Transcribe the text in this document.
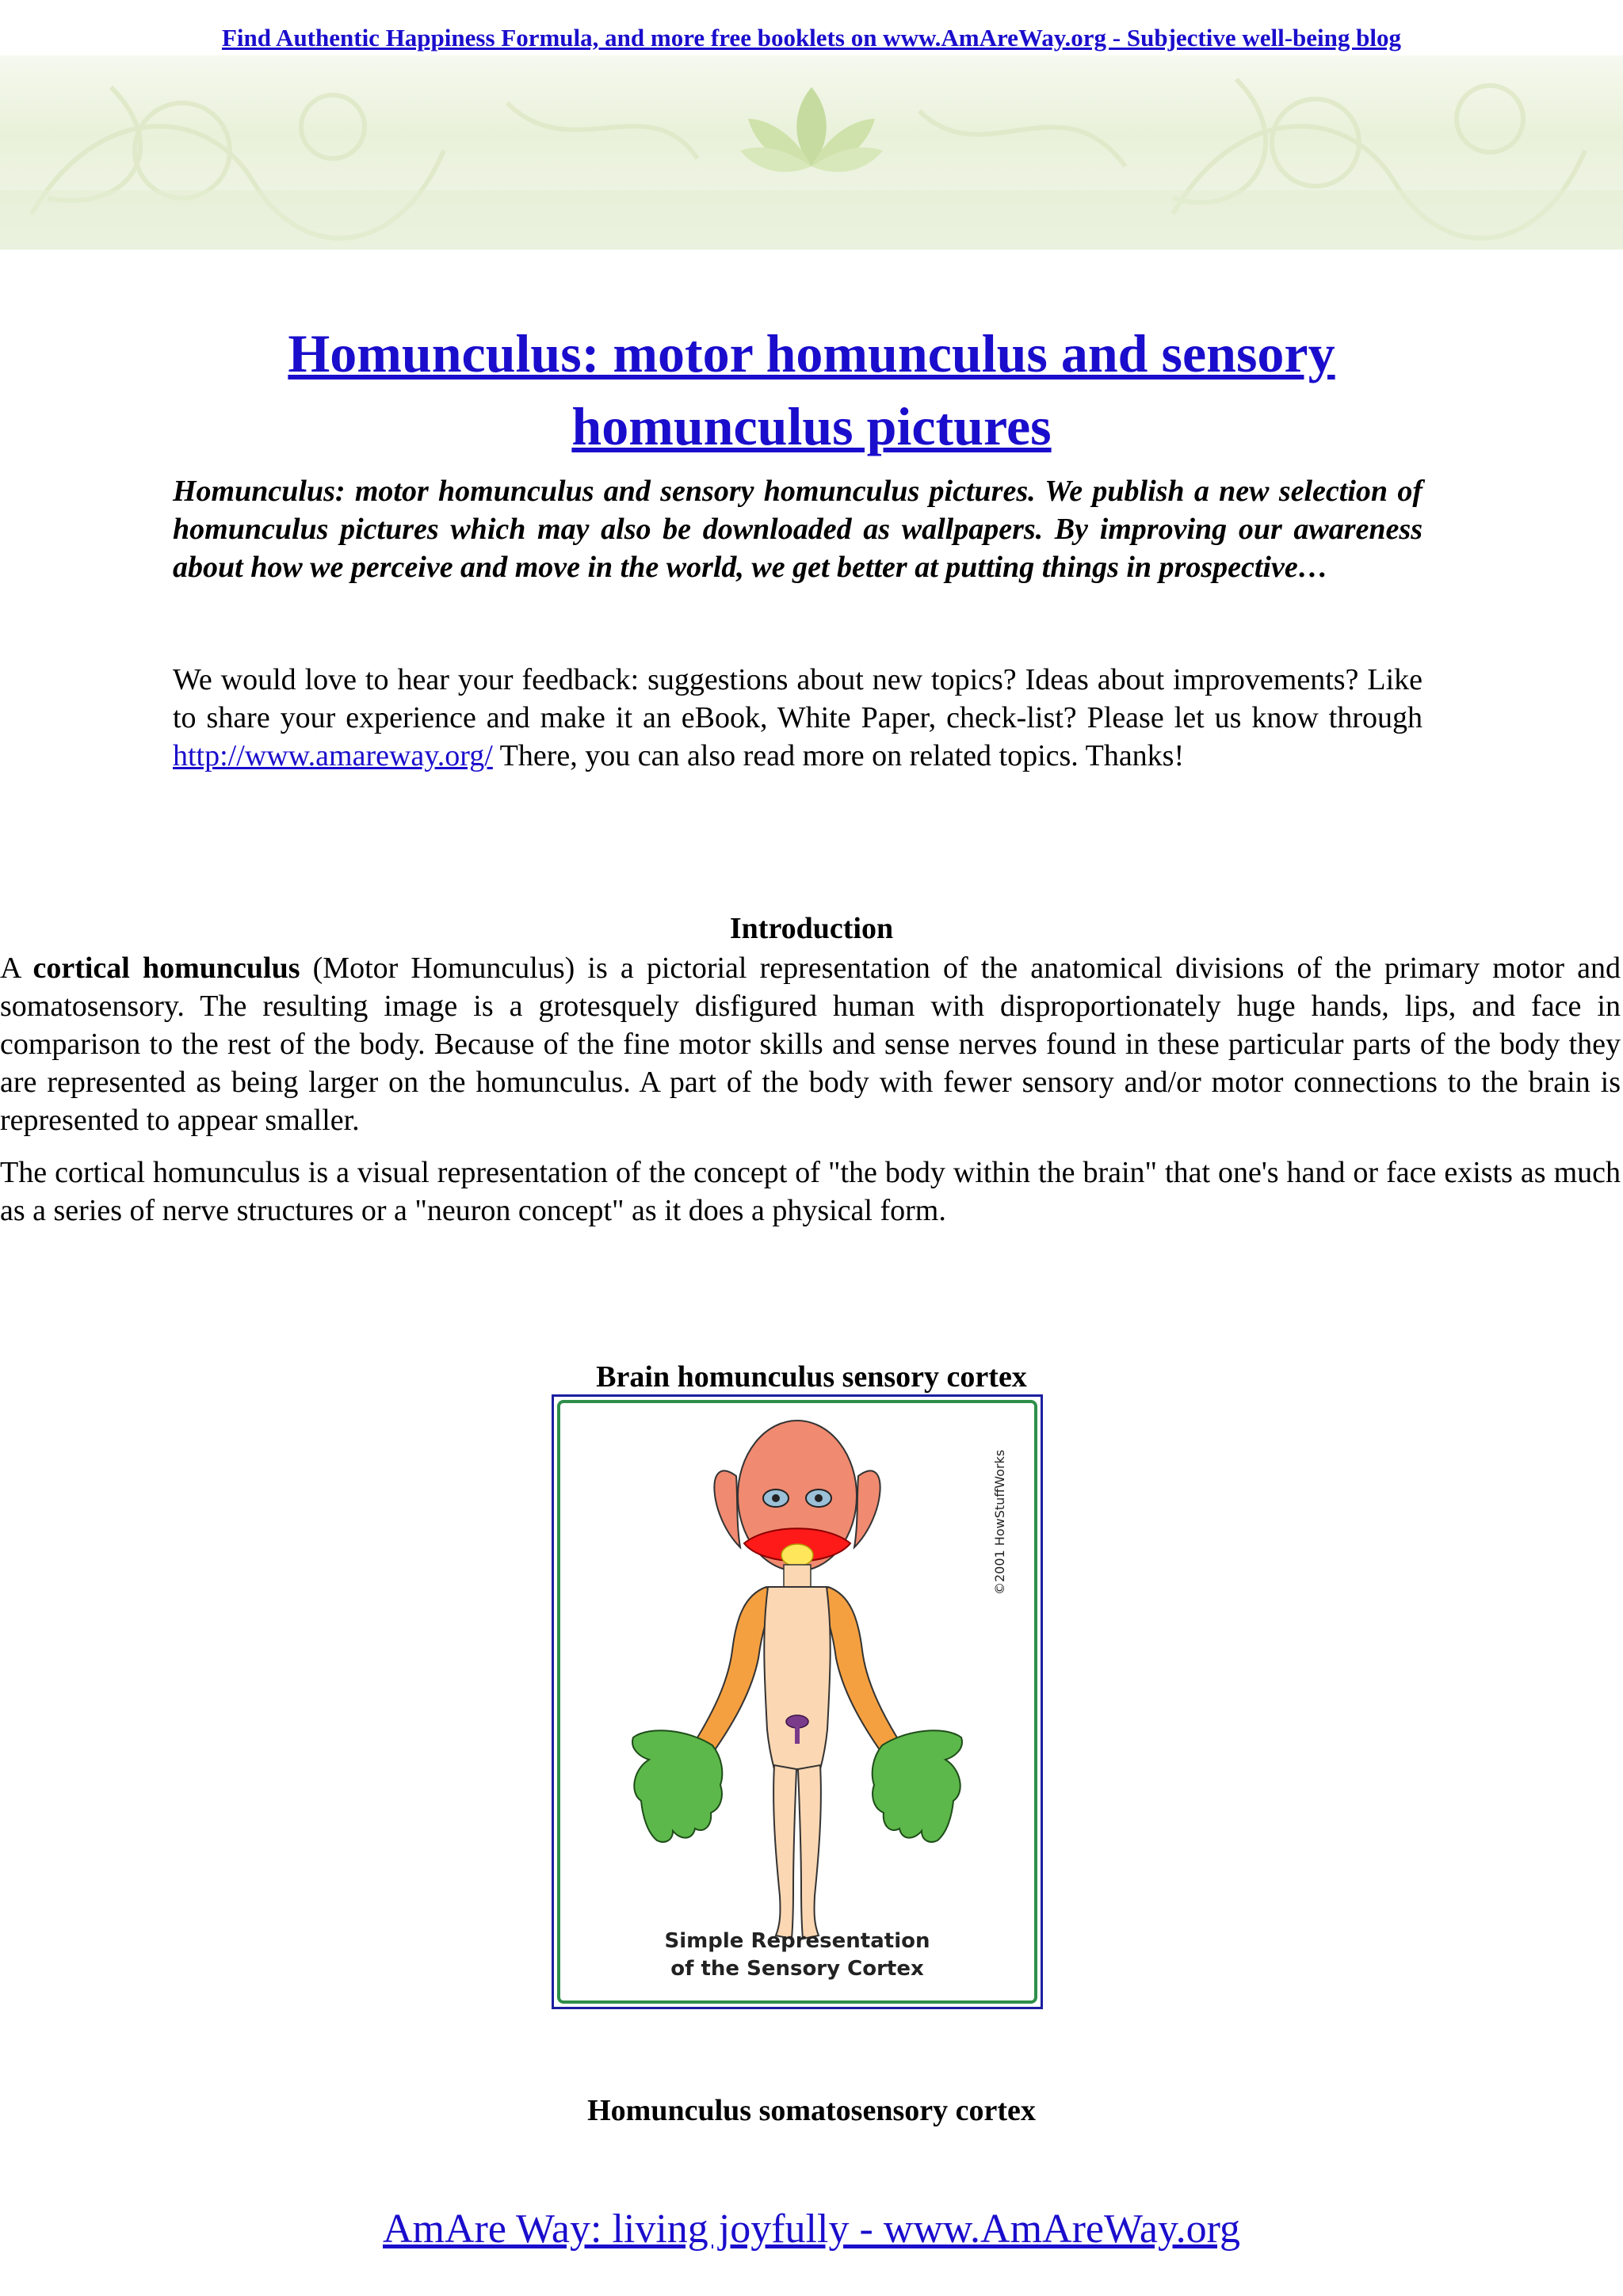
Find Authentic Happiness Formula, and more free booklets on www.AmAreWay.org - Subjective well-being blog
Homunculus: motor homunculus and sensory
homunculus pictures
Homunculus: motor homunculus and sensory homunculus pictures. We publish a new selection of homunculus pictures which may also be downloaded as wallpapers. By improving our awareness about how we perceive and move in the world, we get better at putting things in prospective…
We would love to hear your feedback: suggestions about new topics? Ideas about improvements? Like to share your experience and make it an eBook, White Paper, check-list? Please let us know through http://www.amareway.org/ There, you can also read more on related topics. Thanks!
Introduction
A cortical homunculus (Motor Homunculus) is a pictorial representation of the anatomical divisions of the primary motor and somatosensory. The resulting image is a grotesquely disfigured human with disproportionately huge hands, lips, and face in comparison to the rest of the body. Because of the fine motor skills and sense nerves found in these particular parts of the body they are represented as being larger on the homunculus. A part of the body with fewer sensory and/or motor connections to the brain is represented to appear smaller.
The cortical homunculus is a visual representation of the concept of "the body within the brain" that one's hand or face exists as much as a series of nerve structures or a "neuron concept" as it does a physical form.
Brain homunculus sensory cortex
©2001 HowStuffWorks
Simple Representation
of the Sensory Cortex
Homunculus somatosensory cortex
AmAre Way: living joyfully - www.AmAreWay.org
